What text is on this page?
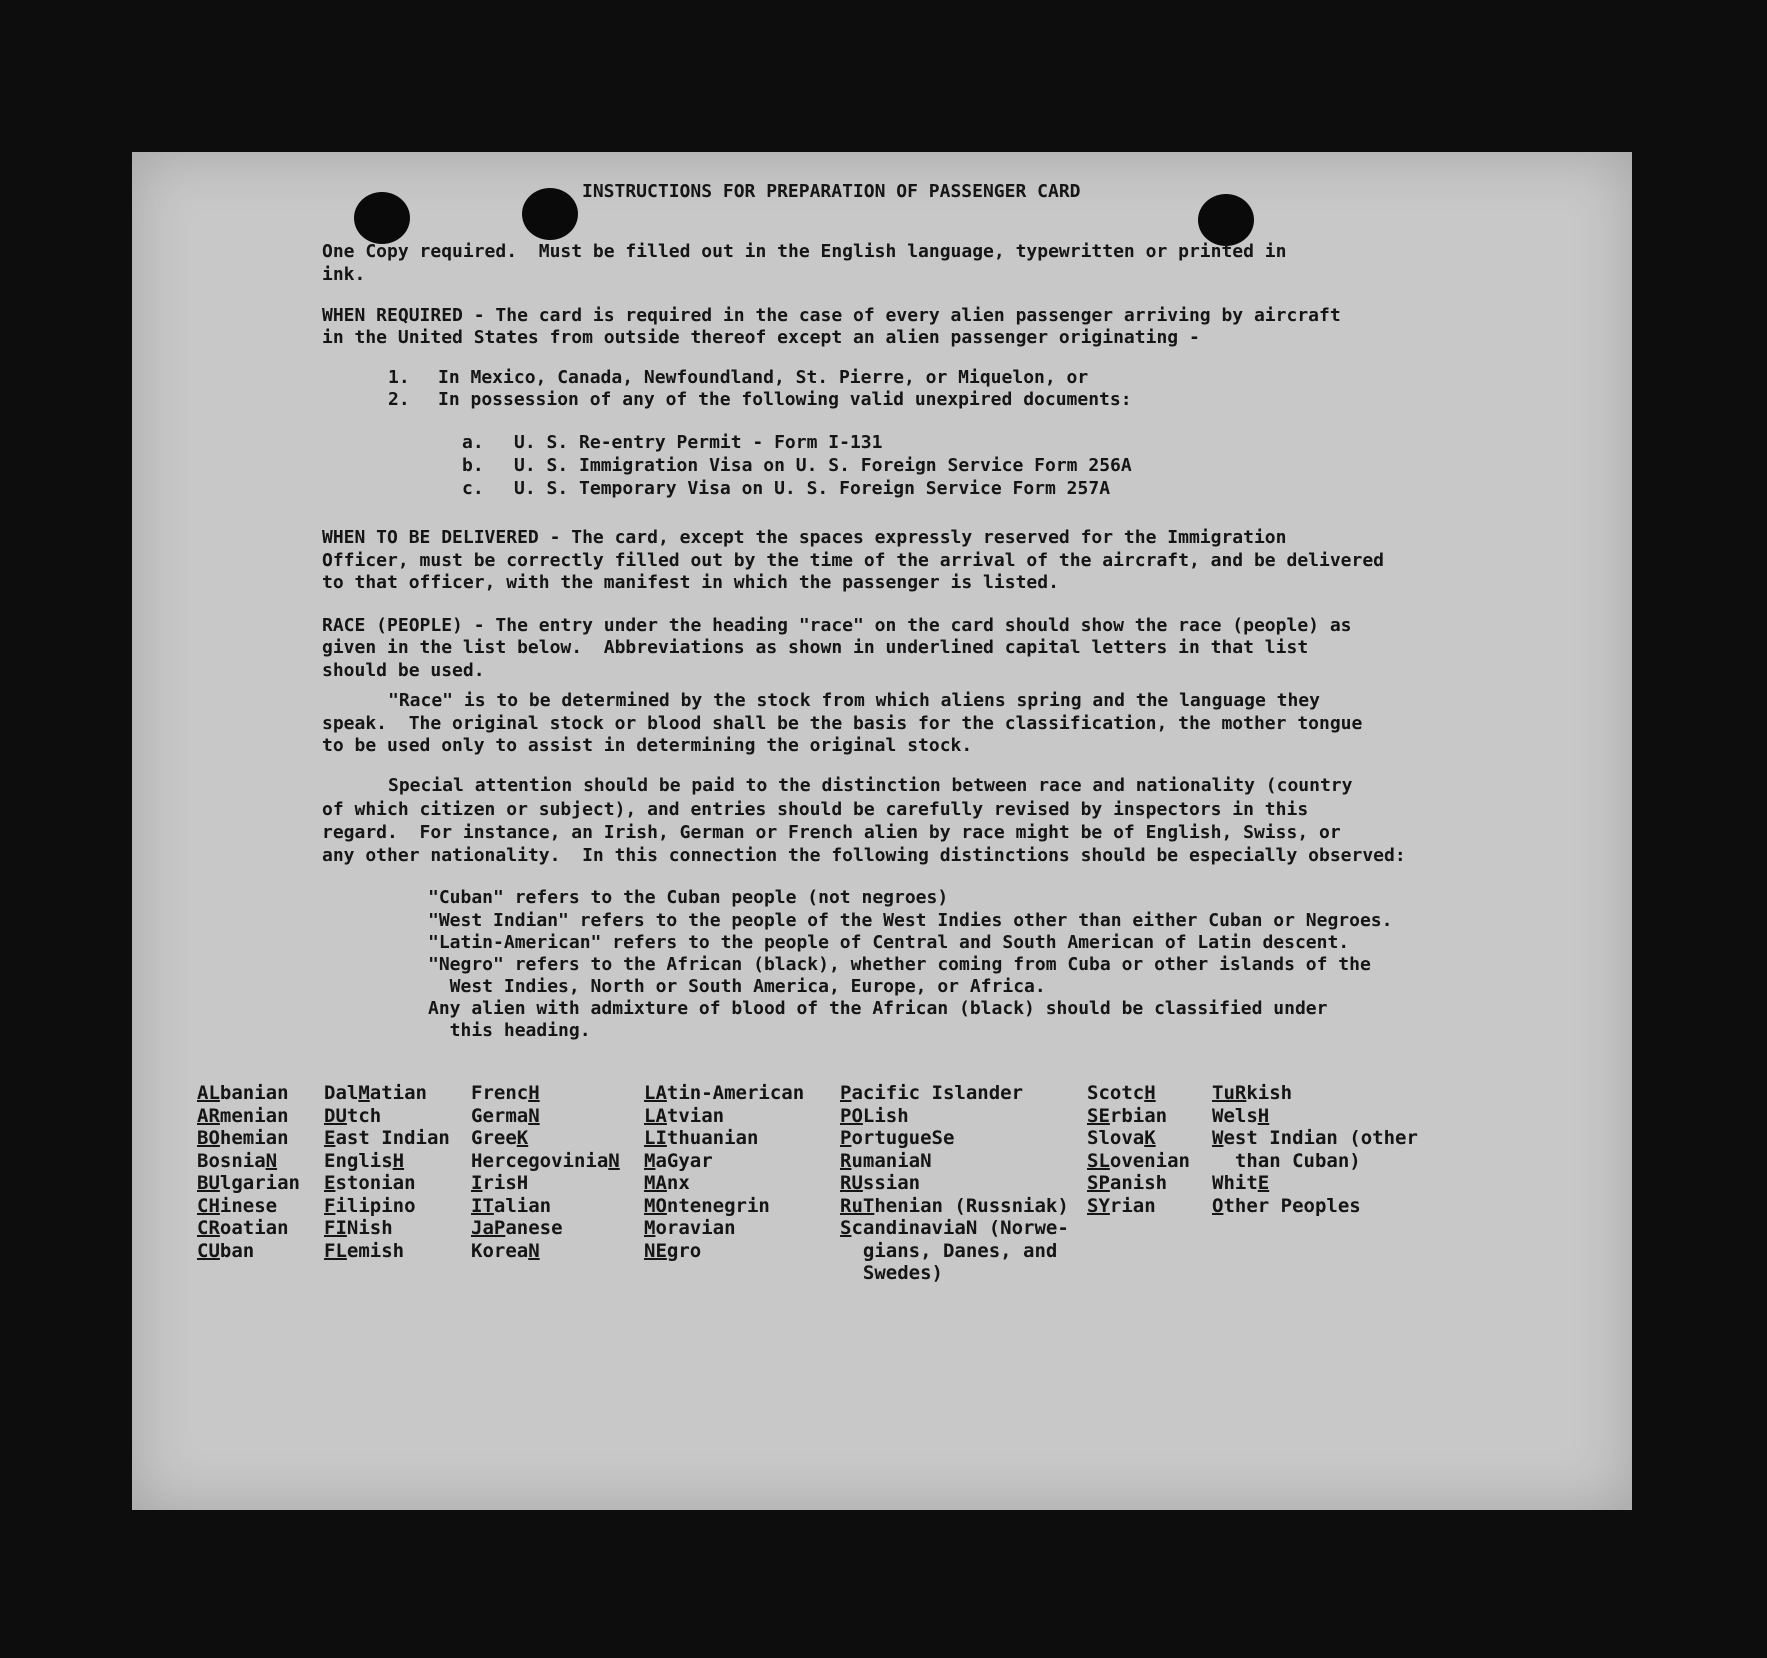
INSTRUCTIONS FOR PREPARATION OF PASSENGER CARD
One Copy required.  Must be filled out in the English language, typewritten or printed in
ink.
WHEN REQUIRED - The card is required in the case of every alien passenger arriving by aircraft
in the United States from outside thereof except an alien passenger originating -
1. In Mexico, Canada, Newfoundland, St. Pierre, or Miquelon, or
2. In possession of any of the following valid unexpired documents:
a. U. S. Re-entry Permit - Form I-131
b. U. S. Immigration Visa on U. S. Foreign Service Form 256A
c. U. S. Temporary Visa on U. S. Foreign Service Form 257A
WHEN TO BE DELIVERED - The card, except the spaces expressly reserved for the Immigration
Officer, must be correctly filled out by the time of the arrival of the aircraft, and be delivered
to that officer, with the manifest in which the passenger is listed.
RACE (PEOPLE) - The entry under the heading "race" on the card should show the race (people) as
given in the list below.  Abbreviations as shown in underlined capital letters in that list
should be used.
"Race" is to be determined by the stock from which aliens spring and the language they
speak.  The original stock or blood shall be the basis for the classification, the mother tongue
to be used only to assist in determining the original stock.
Special attention should be paid to the distinction between race and nationality (country
of which citizen or subject), and entries should be carefully revised by inspectors in this
regard.  For instance, an Irish, German or French alien by race might be of English, Swiss, or
any other nationality.  In this connection the following distinctions should be especially observed:
"Cuban" refers to the Cuban people (not negroes)
"West Indian" refers to the people of the West Indies other than either Cuban or Negroes.
"Latin-American" refers to the people of Central and South American of Latin descent.
"Negro" refers to the African (black), whether coming from Cuba or other islands of the
West Indies, North or South America, Europe, or Africa.
Any alien with admixture of blood of the African (black) should be classified under
this heading.
ALbanian
ARmenian
BOhemian
BosniaN
BUlgarian
CHinese
CRoatian
CUban
DalMatian
DUtch
East Indian
EnglisH
Estonian
Filipino
FINish
FLemish
FrencH
GermaN
GreeK
HercegoviniaN
IrisH
ITalian
JaPanese
KoreaN
LAtin-American
LAtvian
LIthuanian
MaGyar
MAnx
MOntenegrin
Moravian
NEgro
Pacific Islander
POLish
PortugueSe
RumaniaN
RUssian
RuThenian (Russniak)
ScandinaviaN (Norwe-
gians, Danes, and
Swedes)
ScotcH
SErbian
SlovaK
SLovenian
SPanish
SYrian
TuRkish
WelsH
West Indian (other
than Cuban)
WhitE
Other Peoples
